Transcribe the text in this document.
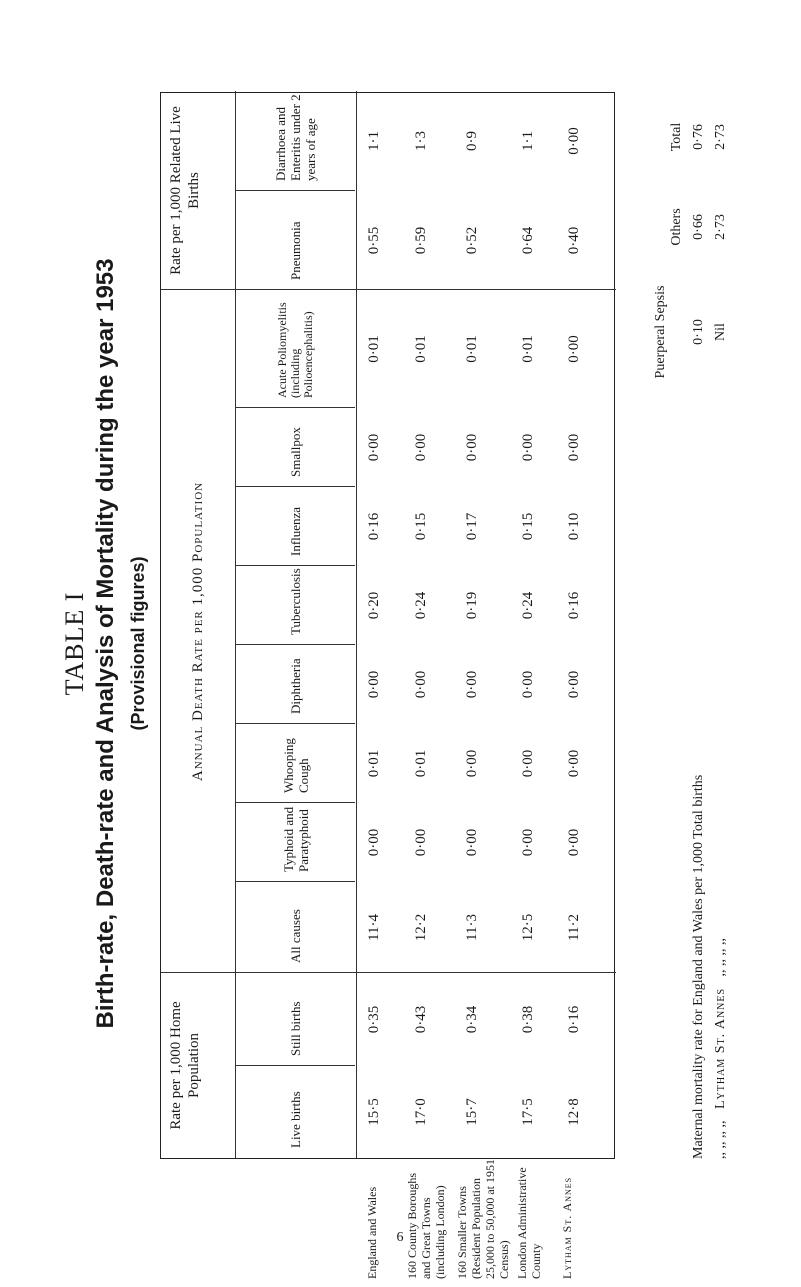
TABLE I Birth-rate, Death-rate and Analysis of Mortality during the year 1953 (Provisional figures)
Rate per 1,000 Home Population
Annual Death Rate per 1,000 Population
Rate per 1,000 Related Live Births
Live births
Still births
All causes
Typhoid and Paratyphoid
Whooping Cough
Diphtheria
Tuberculosis
Influenza
Smallpox
Acute Poliomyelitis (including Polioencephalitis)
Pneumonia
Diarrhoea and Enteritis under 2 years of age
15·5
0·35
11·4
0·00
0·01
0·00
0·20
0·16
0·00
0·01
0·55
1·1
17·0
0·43
12·2
0·00
0·01
0·00
0·24
0·15
0·00
0·01
0·59
1·3
15·7
0·34
11·3
0·00
0·00
0·00
0·19
0·17
0·00
0·01
0·52
0·9
17·5
0·38
12·5
0·00
0·00
0·00
0·24
0·15
0·00
0·01
0·64
1·1
12·8
0·16
11·2
0·00
0·00
0·00
0·16
0·10
0·00
0·00
0·40
0·00
Maternal mortality rate for England and Wales per 1,000 Total births ,, ,, ,, ,, Lytham St. Annes ,, ,, ,, ,,
Puerperal Sepsis
Others
Total
0·10
0·66
0·76
Nil
2·73
2·73
England and Wales 160 County Boroughs and Great Towns (including London) 160 Smaller Towns (Resident Population 25,000 to 50,000 at 1951 Census) London Administrative County Lytham St. Annes
6
